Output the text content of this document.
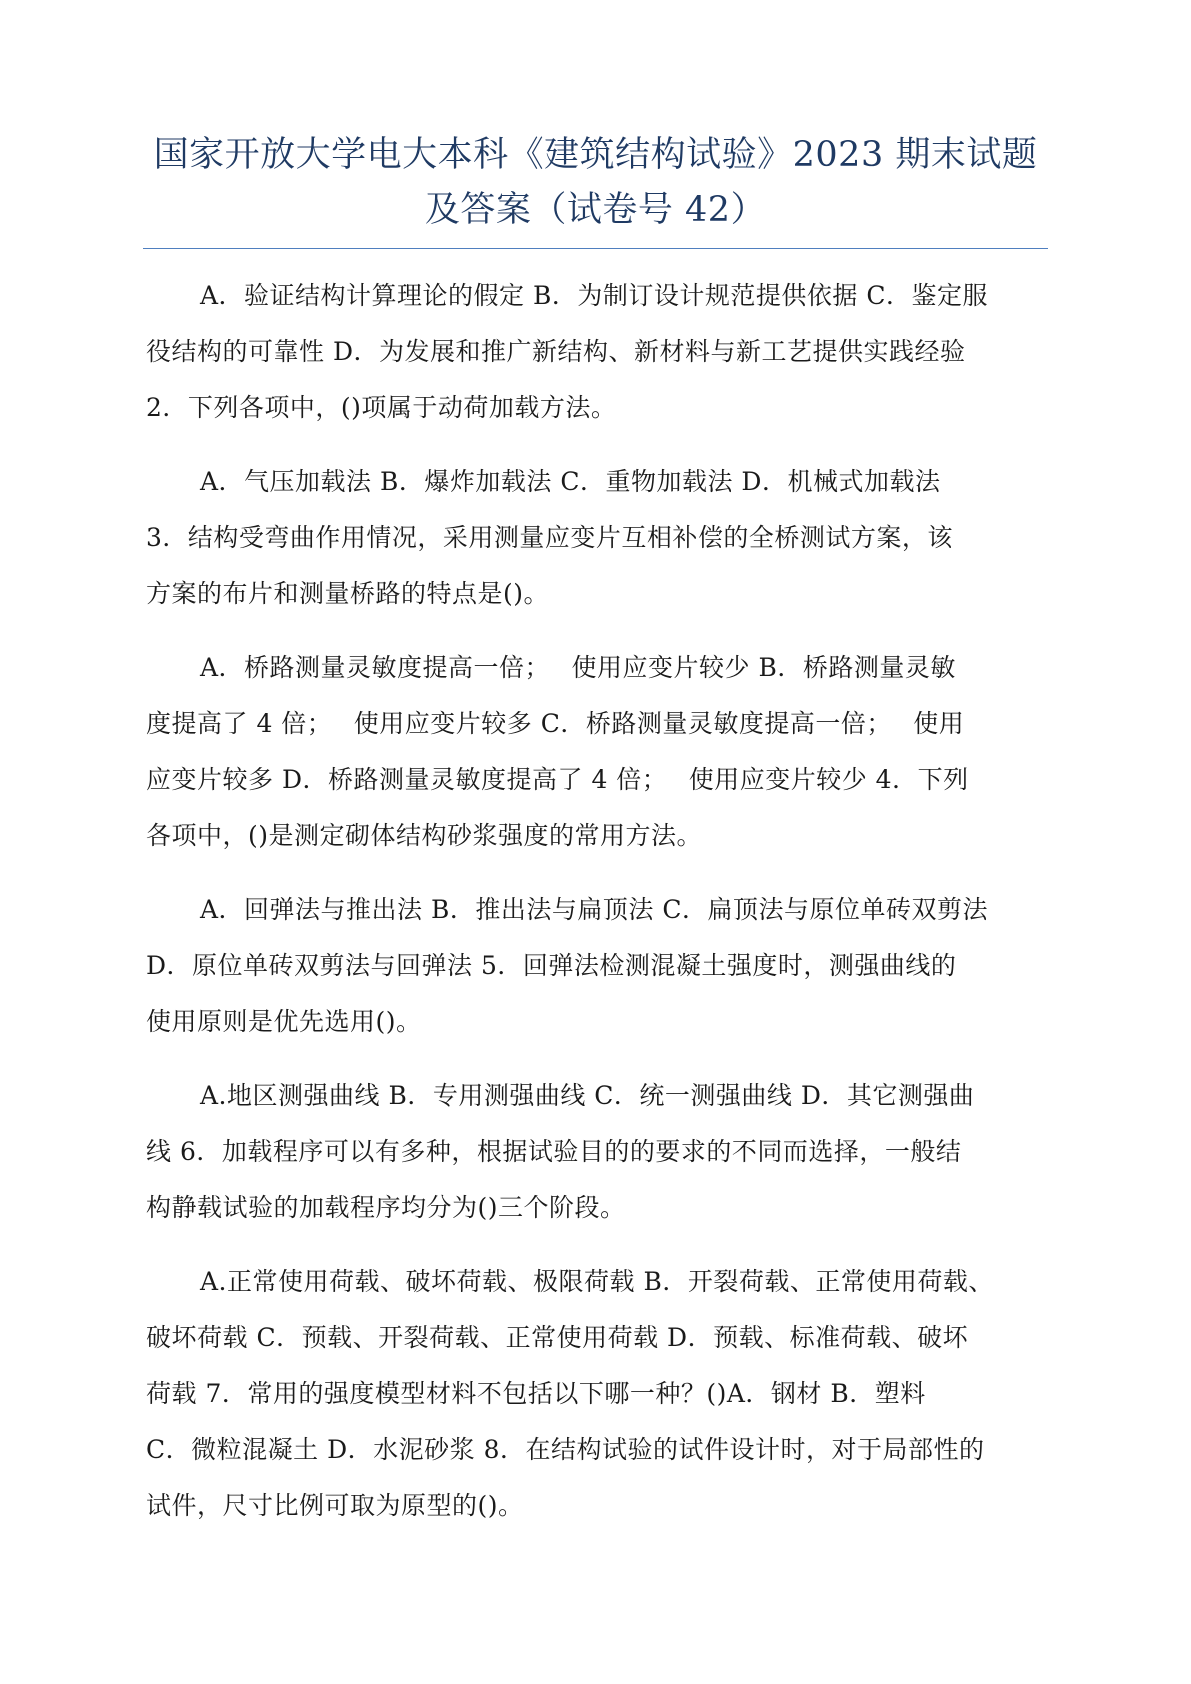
国家开放大学电大本科《建筑结构试验》2023 期末试题
及答案（试卷号 42）
A．验证结构计算理论的假定 B．为制订设计规范提供依据 C．鉴定服
役结构的可靠性 D．为发展和推广新结构、新材料与新工艺提供实践经验
2．下列各项中，()项属于动荷加载方法。
A．气压加载法 B．爆炸加载法 C．重物加载法 D．机械式加载法
3．结构受弯曲作用情况，采用测量应变片互相补偿的全桥测试方案，该
方案的布片和测量桥路的特点是()。
A．桥路测量灵敏度提高一倍；　 使用应变片较少 B．桥路测量灵敏
度提高了 4 倍；　 使用应变片较多 C．桥路测量灵敏度提高一倍；　 使用
应变片较多 D．桥路测量灵敏度提高了 4 倍；　 使用应变片较少 4．下列
各项中，()是测定砌体结构砂浆强度的常用方法。
A．回弹法与推出法 B．推出法与扁顶法 C．扁顶法与原位单砖双剪法
D．原位单砖双剪法与回弹法 5．回弹法检测混凝土强度时，测强曲线的
使用原则是优先选用()。
A.地区测强曲线 B．专用测强曲线 C．统一测强曲线 D．其它测强曲
线 6．加载程序可以有多种，根据试验目的的要求的不同而选择，一般结
构静载试验的加载程序均分为()三个阶段。
A.正常使用荷载、破坏荷载、极限荷载 B．开裂荷载、正常使用荷载、
破坏荷载 C．预载、开裂荷载、正常使用荷载 D．预载、标准荷载、破坏
荷载 7．常用的强度模型材料不包括以下哪一种？()A．钢材 B．塑料
C．微粒混凝土 D．水泥砂浆 8．在结构试验的试件设计时，对于局部性的
试件，尺寸比例可取为原型的()。
